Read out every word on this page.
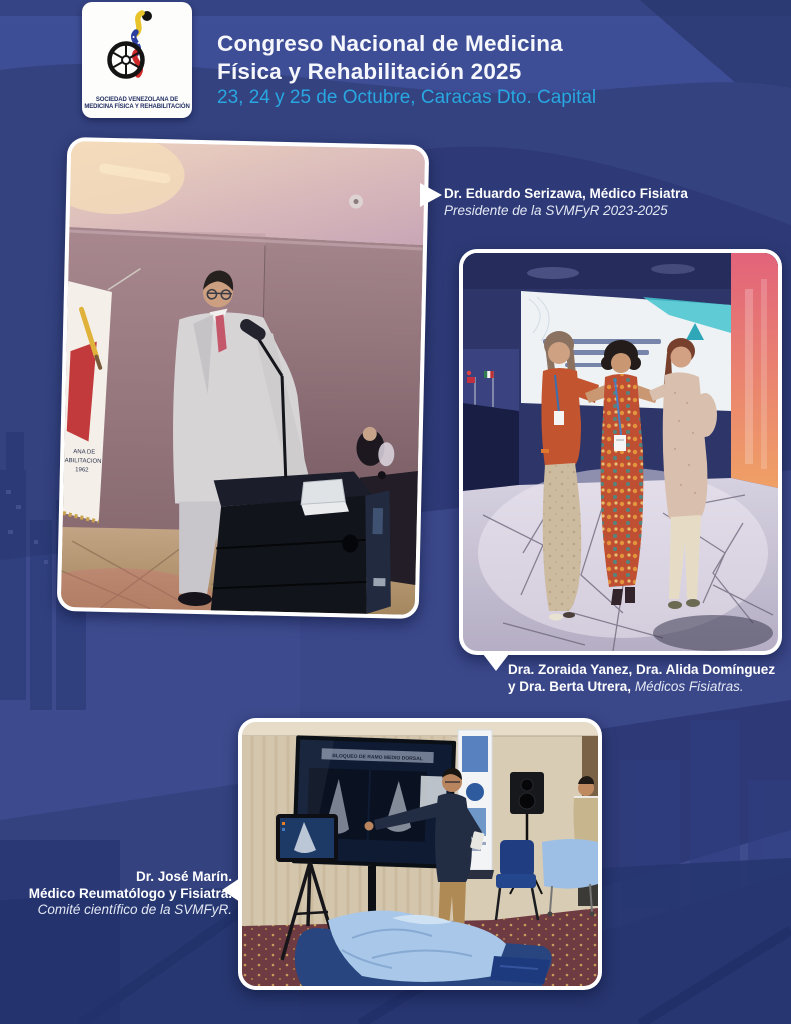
SOCIEDAD VENEZOLANA DE
MEDICINA FÍSICA Y REHABILITACIÓN
Congreso Nacional de Medicina
Física y Rehabilitación 2025
23, 24 y 25 de Octubre, Caracas Dto. Capital
ANA DE
ABILITACION
1962
BLOQUEO DE RAMO MEDIO DORSAL
Dr. Eduardo Serizawa, Médico Fisiatra
Presidente de la SVMFyR 2023-2025
Dra. Zoraida Yanez, Dra. Alida Domínguez
y Dra. Berta Utrera, Médicos Fisiatras.
Dr. José Marín.
Médico Reumatólogo y Fisiatra.
Comité científico de la SVMFyR.
